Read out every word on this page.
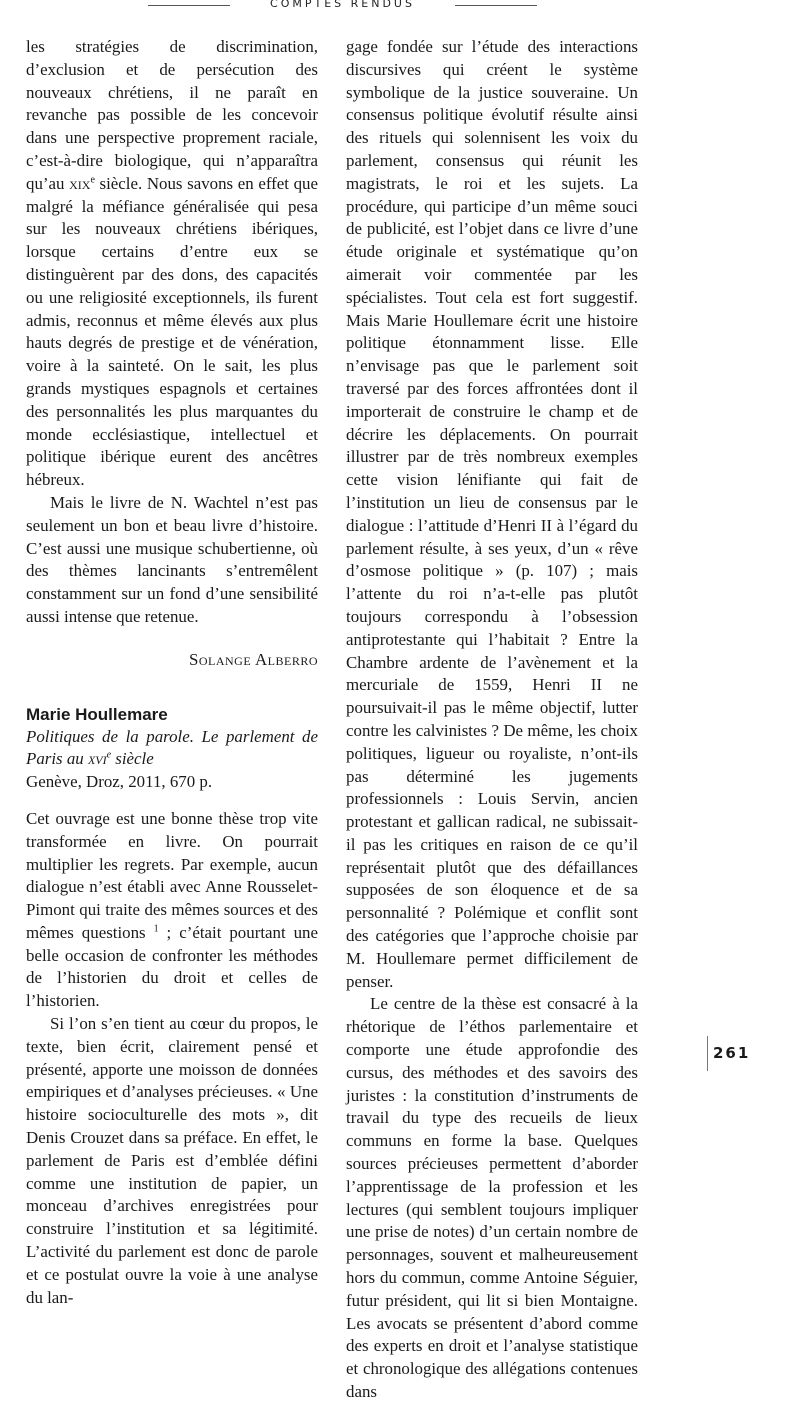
COMPTES RENDUS

les stratégies de discrimination, d’exclusion et de persécution des nouveaux chrétiens, il ne paraît en revanche pas possible de les concevoir dans une perspective proprement raciale, c’est-à-dire biologique, qui n’apparaîtra qu’au xix$^e$ siècle. Nous savons en effet que malgré la méfiance généralisée qui pesa sur les nouveaux chrétiens ibériques, lorsque certains d’entre eux se distinguèrent par des dons, des capacités ou une religiosité exceptionnels, ils furent admis, reconnus et même élevés aux plus hauts degrés de prestige et de vénération, voire à la sainteté. On le sait, les plus grands mystiques espagnols et certaines des personnalités les plus marquantes du monde ecclésiastique, intellectuel et politique ibérique eurent des ancêtres hébreux.

Mais le livre de N. Wachtel n’est pas seulement un bon et beau livre d’histoire. C’est aussi une musique schubertienne, où des thèmes lancinants s’entremêlent constamment sur un fond d’une sensibilité aussi intense que retenue.

Solange Alberro

Marie Houllemare
Politiques de la parole. Le parlement de Paris au xvi$^e$ siècle
Genève, Droz, 2011, 670 p.

Cet ouvrage est une bonne thèse trop vite transformée en livre. On pourrait multiplier les regrets. Par exemple, aucun dialogue n’est établi avec Anne Rousselet-Pimont qui traite des mêmes sources et des mêmes questions $^1$ ; c’était pourtant une belle occasion de confronter les méthodes de l’historien du droit et celles de l’historien.

Si l’on s’en tient au cœur du propos, le texte, bien écrit, clairement pensé et présenté, apporte une moisson de données empiriques et d’analyses précieuses. « Une histoire socioculturelle des mots », dit Denis Crouzet dans sa préface. En effet, le parlement de Paris est d’emblée défini comme une institution de papier, un monceau d’archives enregistrées pour construire l’institution et sa légitimité. L’activité du parlement est donc de parole et ce postulat ouvre la voie à une analyse du lan-

gage fondée sur l’étude des interactions discursives qui créent le système symbolique de la justice souveraine. Un consensus politique évolutif résulte ainsi des rituels qui solennisent les voix du parlement, consensus qui réunit les magistrats, le roi et les sujets. La procédure, qui participe d’un même souci de publicité, est l’objet dans ce livre d’une étude originale et systématique qu’on aimerait voir commentée par les spécialistes. Tout cela est fort suggestif. Mais Marie Houllemare écrit une histoire politique étonnamment lisse. Elle n’envisage pas que le parlement soit traversé par des forces affrontées dont il importerait de construire le champ et de décrire les déplacements. On pourrait illustrer par de très nombreux exemples cette vision lénifiante qui fait de l’institution un lieu de consensus par le dialogue : l’attitude d’Henri II à l’égard du parlement résulte, à ses yeux, d’un « rêve d’osmose politique » (p. 107) ; mais l’attente du roi n’a-t-elle pas plutôt toujours correspondu à l’obsession antiprotestante qui l’habitait ? Entre la Chambre ardente de l’avènement et la mercuriale de 1559, Henri II ne poursuivait-il pas le même objectif, lutter contre les calvinistes ? De même, les choix politiques, ligueur ou royaliste, n’ont-ils pas déterminé les jugements professionnels : Louis Servin, ancien protestant et gallican radical, ne subissait-il pas les critiques en raison de ce qu’il représentait plutôt que des défaillances supposées de son éloquence et de sa personnalité ? Polémique et conflit sont des catégories que l’approche choisie par M. Houllemare permet difficilement de penser.

Le centre de la thèse est consacré à la rhétorique de l’éthos parlementaire et comporte une étude approfondie des cursus, des méthodes et des savoirs des juristes : la constitution d’instruments de travail du type des recueils de lieux communs en forme la base. Quelques sources précieuses permettent d’aborder l’apprentissage de la profession et les lectures (qui semblent toujours impliquer une prise de notes) d’un certain nombre de personnages, souvent et malheureusement hors du commun, comme Antoine Séguier, futur président, qui lit si bien Montaigne. Les avocats se présentent d’abord comme des experts en droit et l’analyse statistique et chronologique des allégations contenues dans

261
